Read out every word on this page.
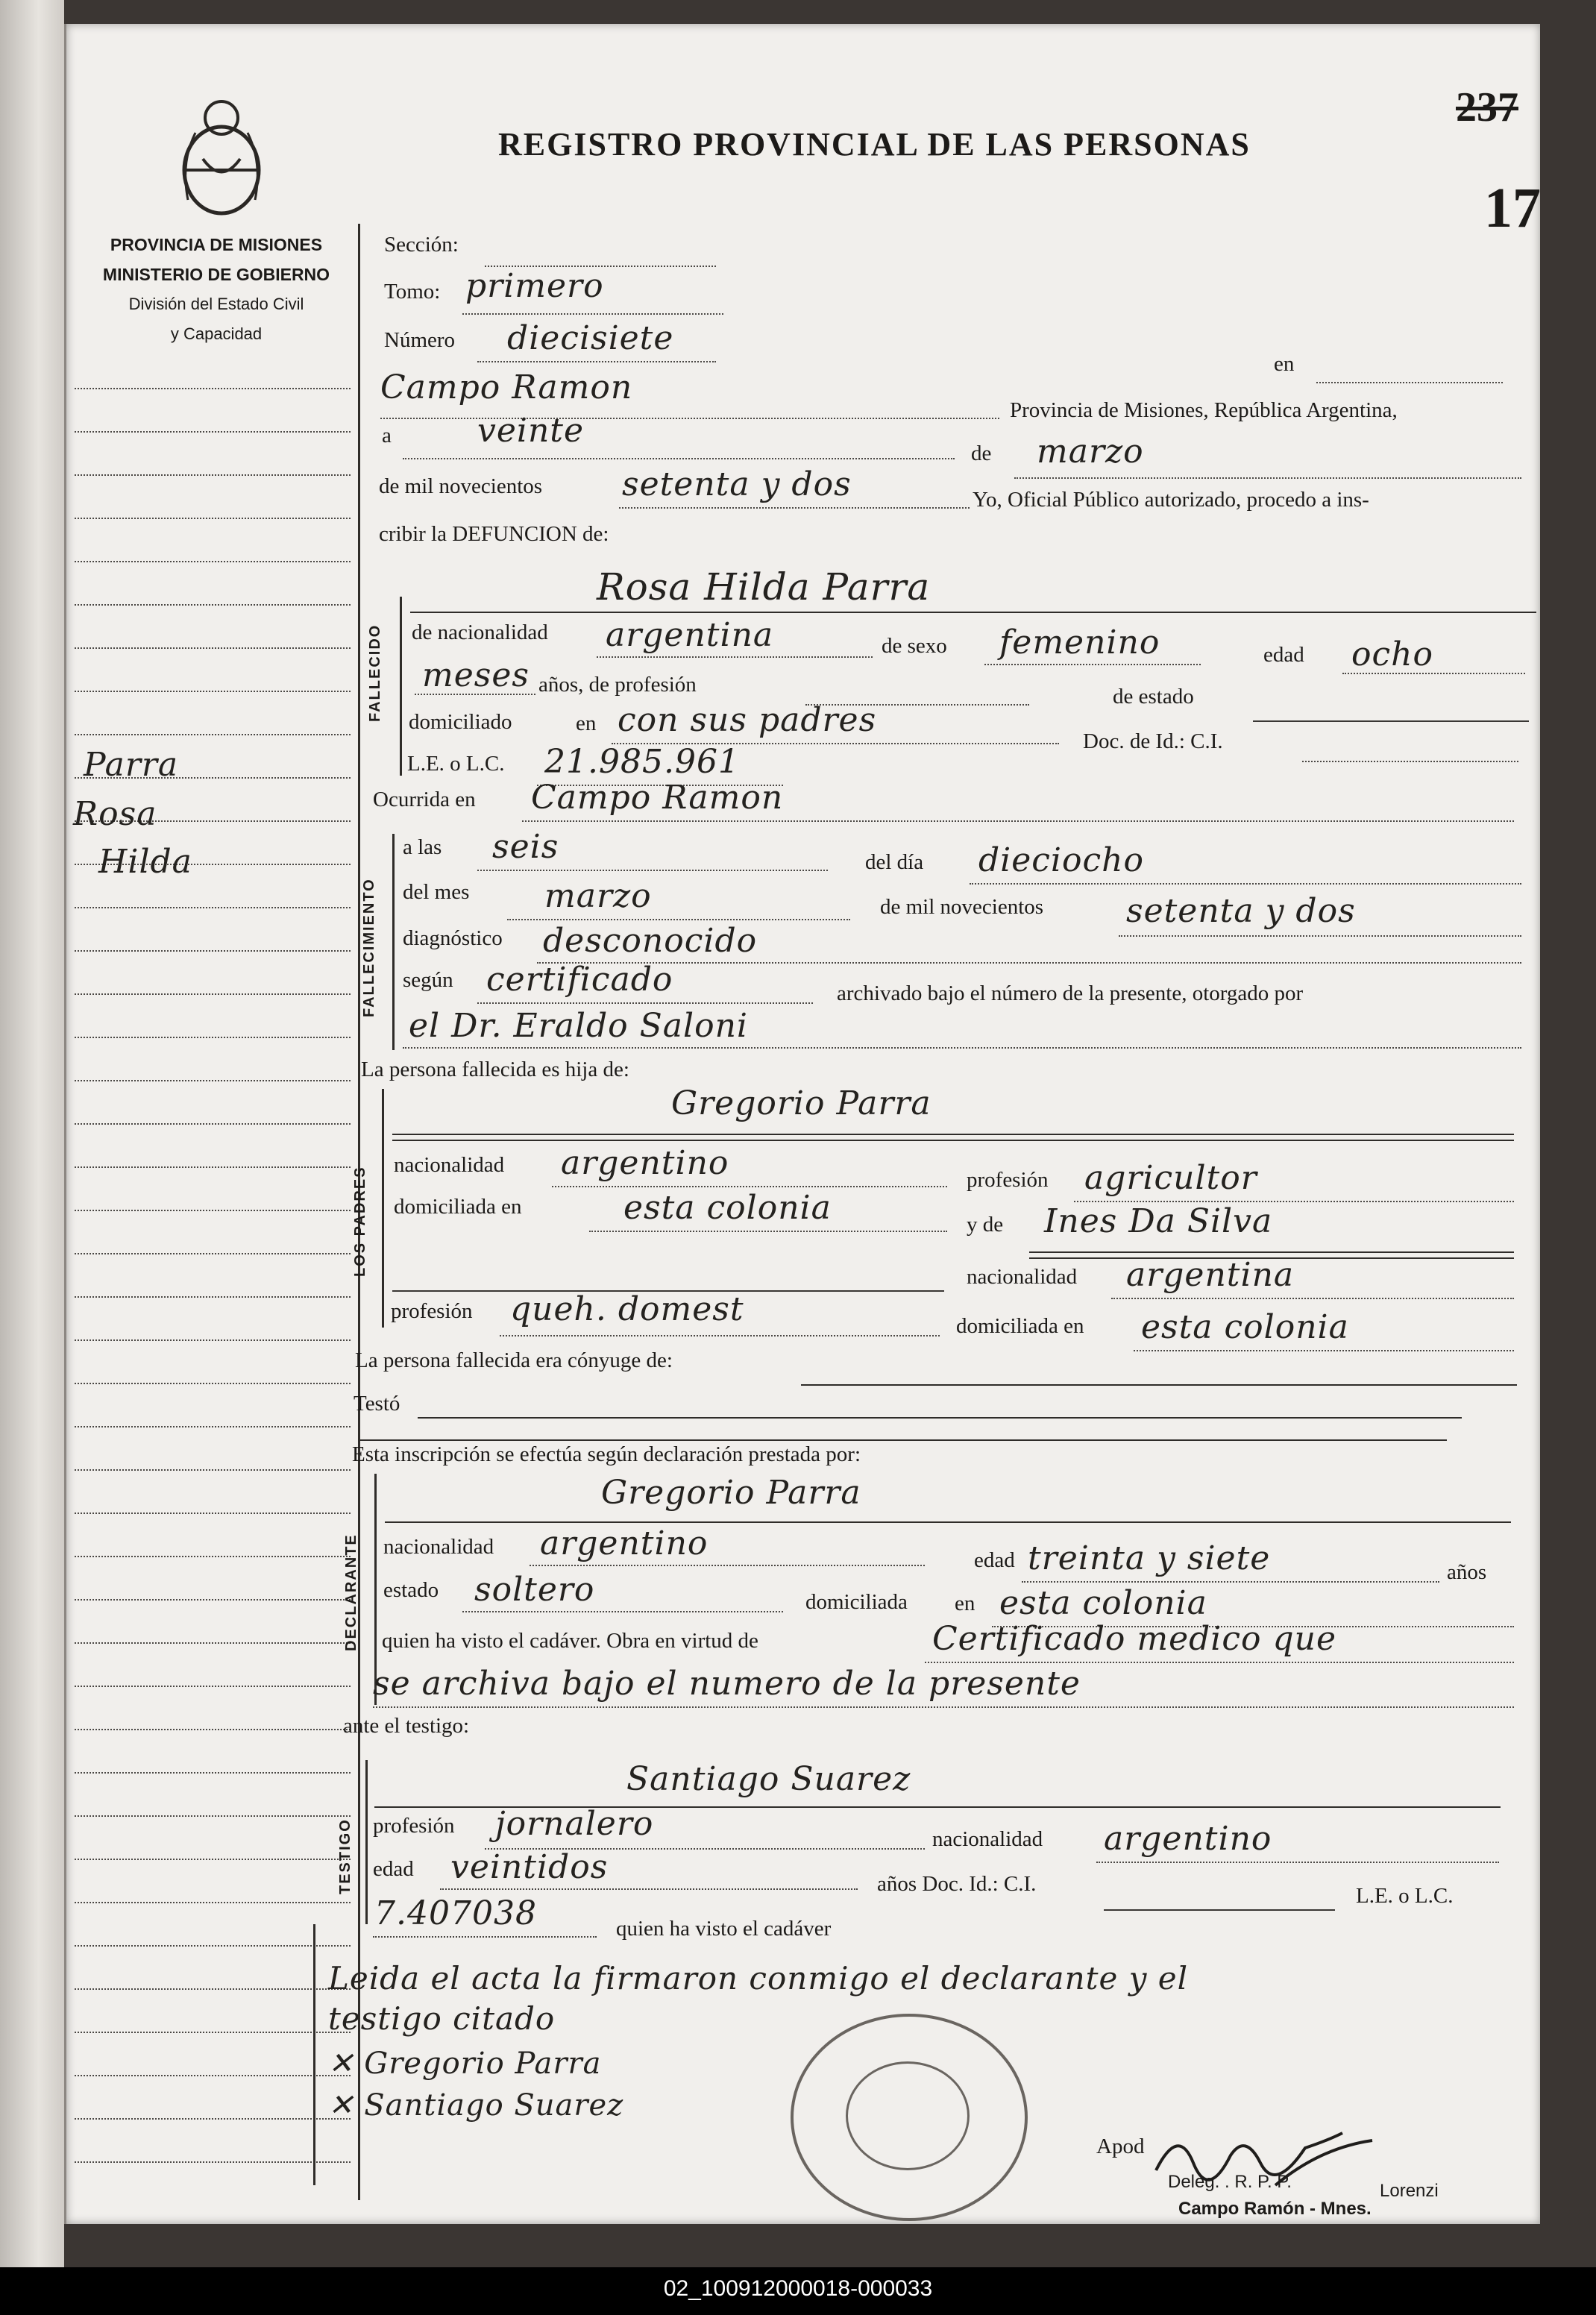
PROVINCIA DE MISIONES
MINISTERIO DE GOBIERNO
División del Estado Civil
y Capacidad
REGISTRO PROVINCIAL DE LAS PERSONAS
237
17
Parra
Rosa
Hilda
Sección:
Tomo: primero
Número diecisiete
en
Campo Ramon
Provincia de Misiones, República Argentina,
a	veinte
de marzo
de mil novecientos setenta y dos	Yo, Oficial Público autorizado, procedo a ins-
cribir la DEFUNCION de:
FALLECIDO
Rosa Hilda Parra
de nacionalidad argentina	de sexo femenino	edad ocho
meses años, de profesión	de estado
domiciliado	en con sus padres
Doc. de Id.: C.I.
L.E. o L.C. 21.985.961
Ocurrida en Campo Ramon
FALLECIMIENTO
a las seis	del día dieciocho
del mes marzo	de mil novecientos	setenta y dos
diagnóstico desconocido
según certificado	archivado bajo el número de la presente, otorgado por
el Dr. Eraldo Saloni
La persona fallecida es hija de:
LOS PADRES
Gregorio Parra
nacionalidad argentino	profesión agricultor
domiciliada en	esta colonia	y de Ines Da Silva
nacionalidad argentina
profesión queh. domest	domiciliada en esta colonia
La persona fallecida era cónyuge de:
Testó
Esta inscripción se efectúa según declaración prestada por:
DECLARANTE
Gregorio Parra
nacionalidad argentino	edad treinta y siete	años
estado soltero	domiciliada en esta colonia
quien ha visto el cadáver. Obra en virtud de	Certificado medico que
se archiva bajo el numero de la presente
ante el testigo:
TESTIGO
Santiago Suarez
profesión jornalero	nacionalidad argentino
edad veintidos	años Doc. Id.: C.I.	L.E. o L.C.
7.407038	quien ha visto el cadáver
Leida el acta la firmaron conmigo el declarante y el
testigo citado
✕ Gregorio Parra
✕ Santiago Suarez
Apod
Deleg. . R. P. P.	Lorenzi
Campo Ramón - Mnes.
02_100912000018-000033
